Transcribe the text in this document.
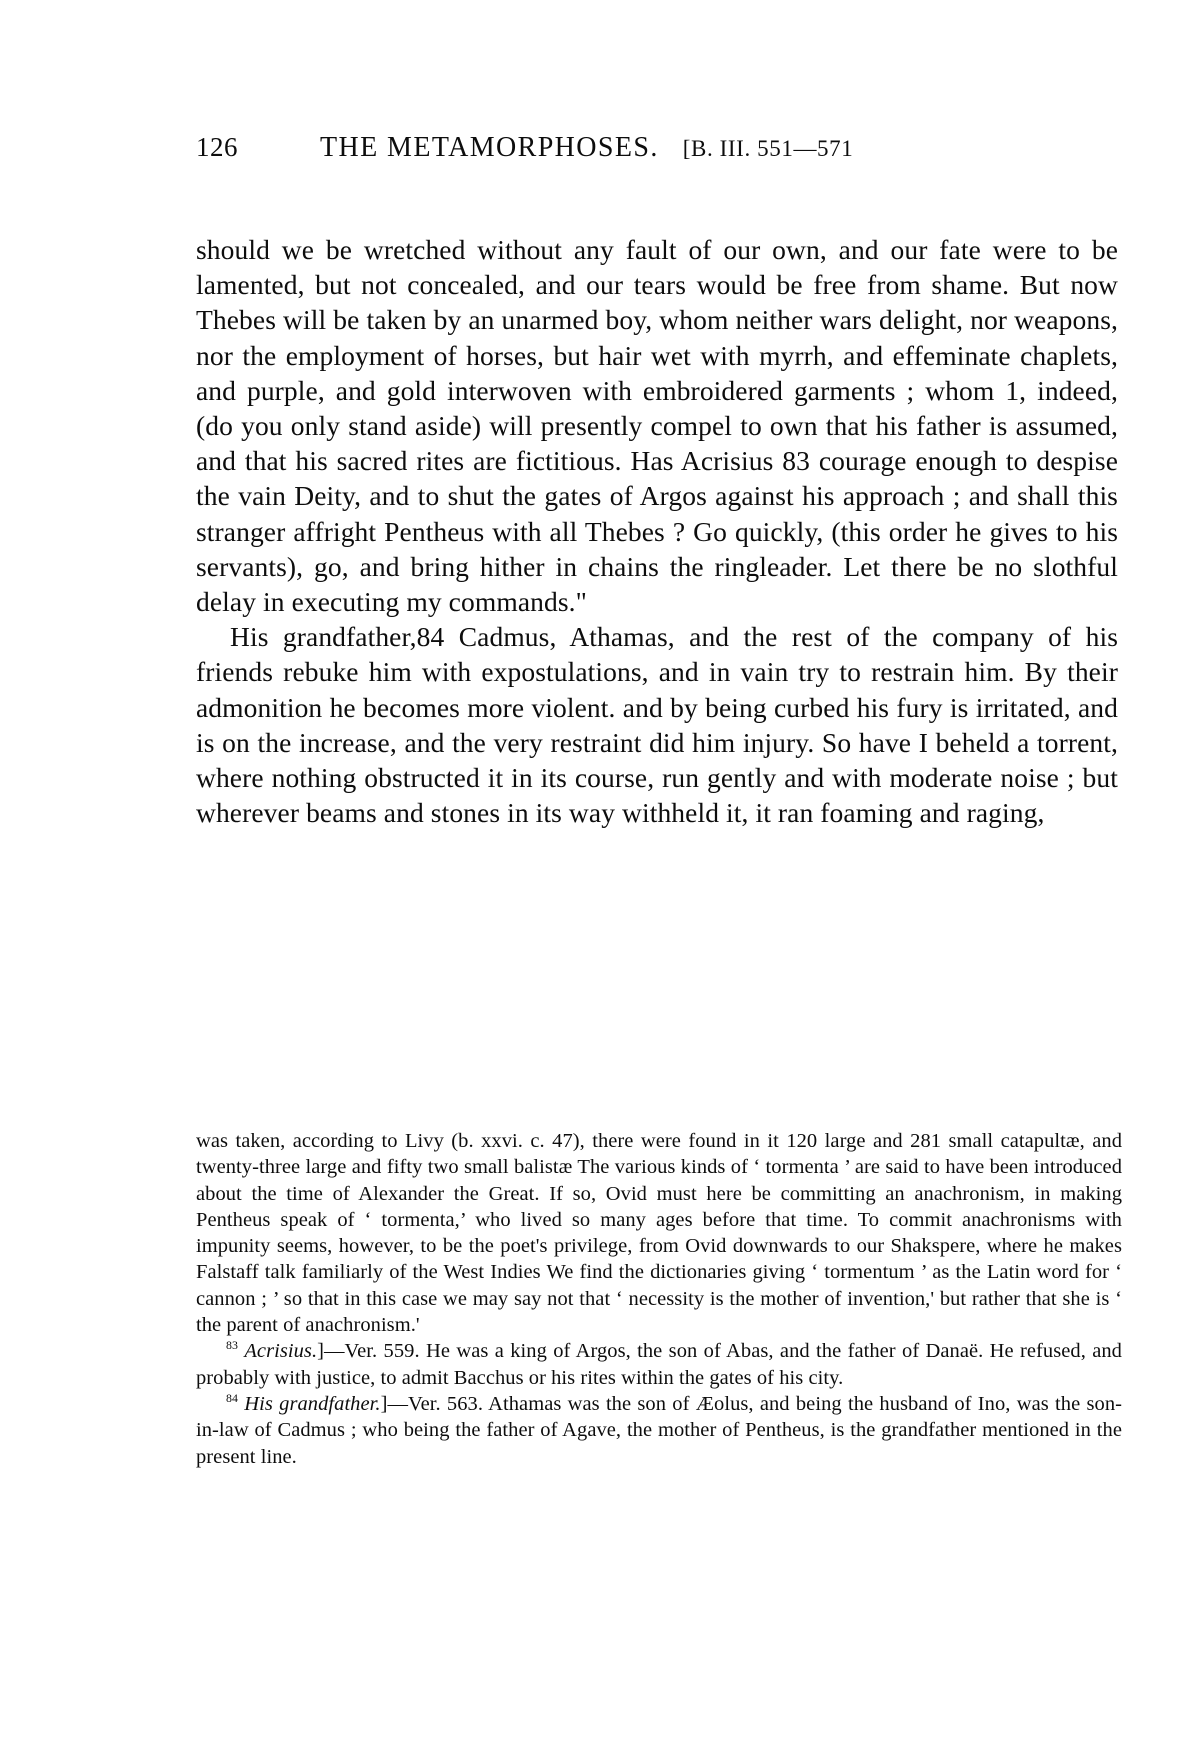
126	THE METAMORPHOSES. [B. III. 551—571

should we be wretched without any fault of our own, and our fate were to be lamented, but not concealed, and our tears would be free from shame. But now Thebes will be taken by an unarmed boy, whom neither wars delight, nor weapons, nor the employment of horses, but hair wet with myrrh, and effeminate chaplets, and purple, and gold interwoven with embroidered garments ; whom 1, indeed, (do you only stand aside) will presently compel to own that his father is assumed, and that his sacred rites are fictitious. Has Acrisius 83 courage enough to despise the vain Deity, and to shut the gates of Argos against his approach ; and shall this stranger affright Pentheus with all Thebes ? Go quickly, (this order he gives to his servants), go, and bring hither in chains the ringleader. Let there be no slothful delay in executing my commands."

His grandfather,84 Cadmus, Athamas, and the rest of the company of his friends rebuke him with expostulations, and in vain try to restrain him. By their admonition he becomes more violent. and by being curbed his fury is irritated, and is on the increase, and the very restraint did him injury. So have I beheld a torrent, where nothing obstructed it in its course, run gently and with moderate noise ; but wherever beams and stones in its way withheld it, it ran foaming and raging,

was taken, according to Livy (b. xxvi. c. 47), there were found in it 120 large and 281 small catapultæ, and twenty-three large and fifty two small balistæ The various kinds of ‘ tormenta ’ are said to have been introduced about the time of Alexander the Great. If so, Ovid must here be committing an anachronism, in making Pentheus speak of ‘ tormenta,’ who lived so many ages before that time. To commit anachronisms with impunity seems, however, to be the poet's privilege, from Ovid downwards to our Shakspere, where he makes Falstaff talk familiarly of the West Indies We find the dictionaries giving ‘ tormentum ’ as the Latin word for ‘ cannon ; ’ so that in this case we may say not that ‘ necessity is the mother of invention,' but rather that she is ‘ the parent of anachronism.'

$^{83}$ Acrisius.]—Ver. 559. He was a king of Argos, the son of Abas, and the father of Danaë. He refused, and probably with justice, to admit Bacchus or his rites within the gates of his city.

$^{84}$ His grandfather.]—Ver. 563. Athamas was the son of Æolus, and being the husband of Ino, was the son-in-law of Cadmus ; who being the father of Agave, the mother of Pentheus, is the grandfather mentioned in the present line.
